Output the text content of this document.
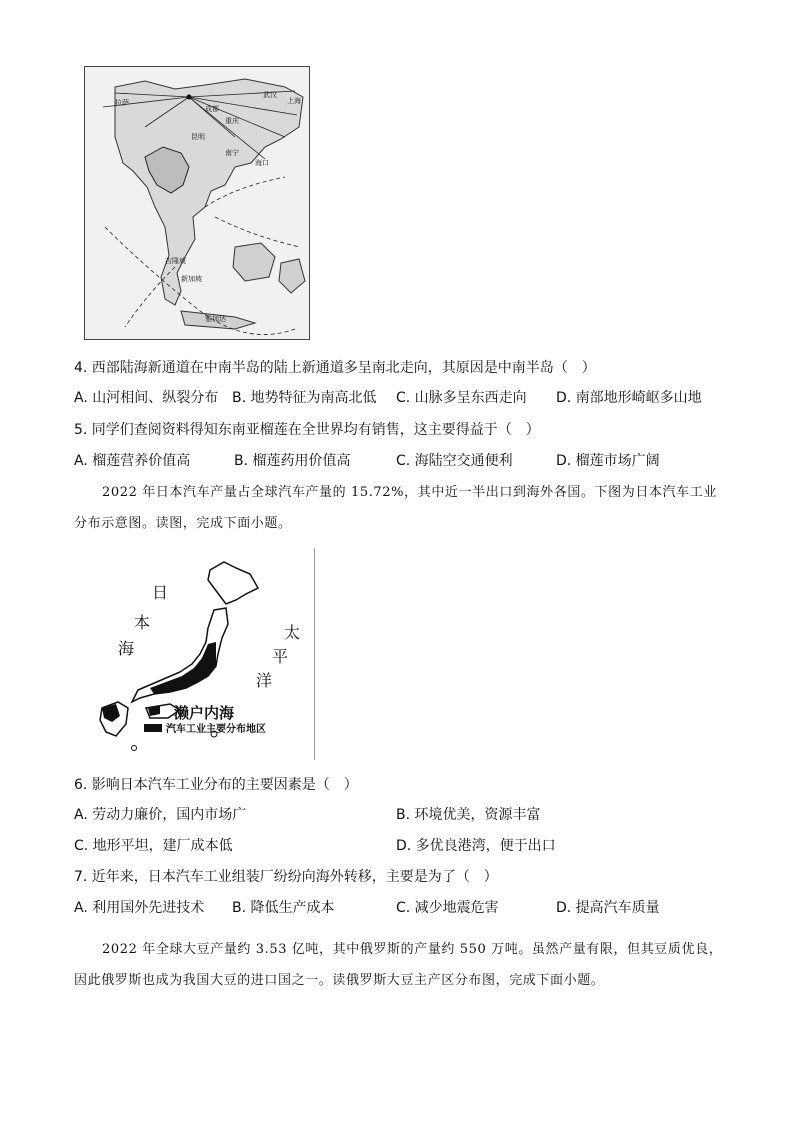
拉萨
武汉
上海
海口
南宁
昆明
成都
重庆
吉隆坡
新加坡
雅加达
4. 西部陆海新通道在中南半岛的陆上新通道多呈南北走向，其原因是中南半岛（　）
A. 山河相间、纵裂分布 B. 地势特征为南高北低 C. 山脉多呈东西走向 D. 南部地形崎岖多山地
5. 同学们查阅资料得知东南亚榴莲在全世界均有销售，这主要得益于（　）
A. 榴莲营养价值高	B. 榴莲药用价值高	C. 海陆空交通便利	D. 榴莲市场广阔
2022 年日本汽车产量占全球汽车产量的 15.72%，其中近一半出口到海外各国。下图为日本汽车工业
分布示意图。读图，完成下面小题。
日
本
海
太
平
洋
濑户内海
汽车工业主要分布地区
6. 影响日本汽车工业分布的主要因素是（　）
A. 劳动力廉价，国内市场广	B. 环境优美，资源丰富
C. 地形平坦，建厂成本低	D. 多优良港湾，便于出口
7. 近年来，日本汽车工业组装厂纷纷向海外转移，主要是为了（　）
A. 利用国外先进技术 B. 降低生产成本	C. 减少地震危害	D. 提高汽车质量
2022 年全球大豆产量约 3.53 亿吨，其中俄罗斯的产量约 550 万吨。虽然产量有限，但其豆质优良，
因此俄罗斯也成为我国大豆的进口国之一。读俄罗斯大豆主产区分布图，完成下面小题。
